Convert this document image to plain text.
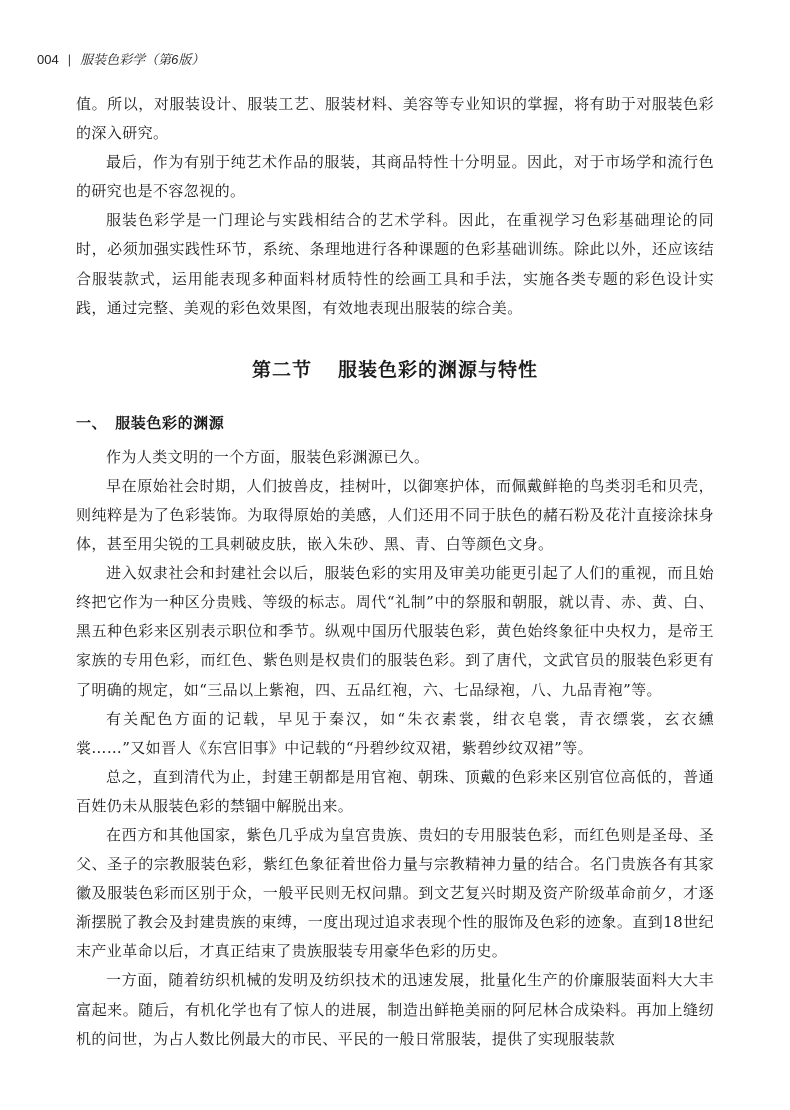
004 | 服装色彩学（第6版）

值。所以，对服装设计、服装工艺、服装材料、美容等专业知识的掌握，将有助于对服装色彩的深入研究。

最后，作为有别于纯艺术作品的服装，其商品特性十分明显。因此，对于市场学和流行色的研究也是不容忽视的。

服装色彩学是一门理论与实践相结合的艺术学科。因此，在重视学习色彩基础理论的同时，必须加强实践性环节，系统、条理地进行各种课题的色彩基础训练。除此以外，还应该结合服装款式，运用能表现多种面料材质特性的绘画工具和手法，实施各类专题的彩色设计实践，通过完整、美观的彩色效果图，有效地表现出服装的综合美。

第二节 服装色彩的渊源与特性
一、 服装色彩的渊源

作为人类文明的一个方面，服装色彩渊源已久。

早在原始社会时期，人们披兽皮，挂树叶，以御寒护体，而佩戴鲜艳的鸟类羽毛和贝壳，则纯粹是为了色彩装饰。为取得原始的美感，人们还用不同于肤色的赭石粉及花汁直接涂抹身体，甚至用尖锐的工具刺破皮肤，嵌入朱砂、黑、青、白等颜色文身。

进入奴隶社会和封建社会以后，服装色彩的实用及审美功能更引起了人们的重视，而且始终把它作为一种区分贵贱、等级的标志。周代“礼制”中的祭服和朝服，就以青、赤、黄、白、黑五种色彩来区别表示职位和季节。纵观中国历代服装色彩，黄色始终象征中央权力，是帝王家族的专用色彩，而红色、紫色则是权贵们的服装色彩。到了唐代，文武官员的服装色彩更有了明确的规定，如“三品以上紫袍，四、五品红袍，六、七品绿袍，八、九品青袍”等。

有关配色方面的记载，早见于秦汉，如“朱衣素裳，绀衣皂裳，青衣缥裳，玄衣纁裳……”又如晋人《东宫旧事》中记载的“丹碧纱纹双裙，紫碧纱纹双裙”等。

总之，直到清代为止，封建王朝都是用官袍、朝珠、顶戴的色彩来区别官位高低的，普通百姓仍未从服装色彩的禁锢中解脱出来。

在西方和其他国家，紫色几乎成为皇宫贵族、贵妇的专用服装色彩，而红色则是圣母、圣父、圣子的宗教服装色彩，紫红色象征着世俗力量与宗教精神力量的结合。名门贵族各有其家徽及服装色彩而区别于众，一般平民则无权问鼎。到文艺复兴时期及资产阶级革命前夕，才逐渐摆脱了教会及封建贵族的束缚，一度出现过追求表现个性的服饰及色彩的迹象。直到18世纪末产业革命以后，才真正结束了贵族服装专用豪华色彩的历史。

一方面，随着纺织机械的发明及纺织技术的迅速发展，批量化生产的价廉服装面料大大丰富起来。随后，有机化学也有了惊人的进展，制造出鲜艳美丽的阿尼林合成染料。再加上缝纫机的问世，为占人数比例最大的市民、平民的一般日常服装，提供了实现服装款
